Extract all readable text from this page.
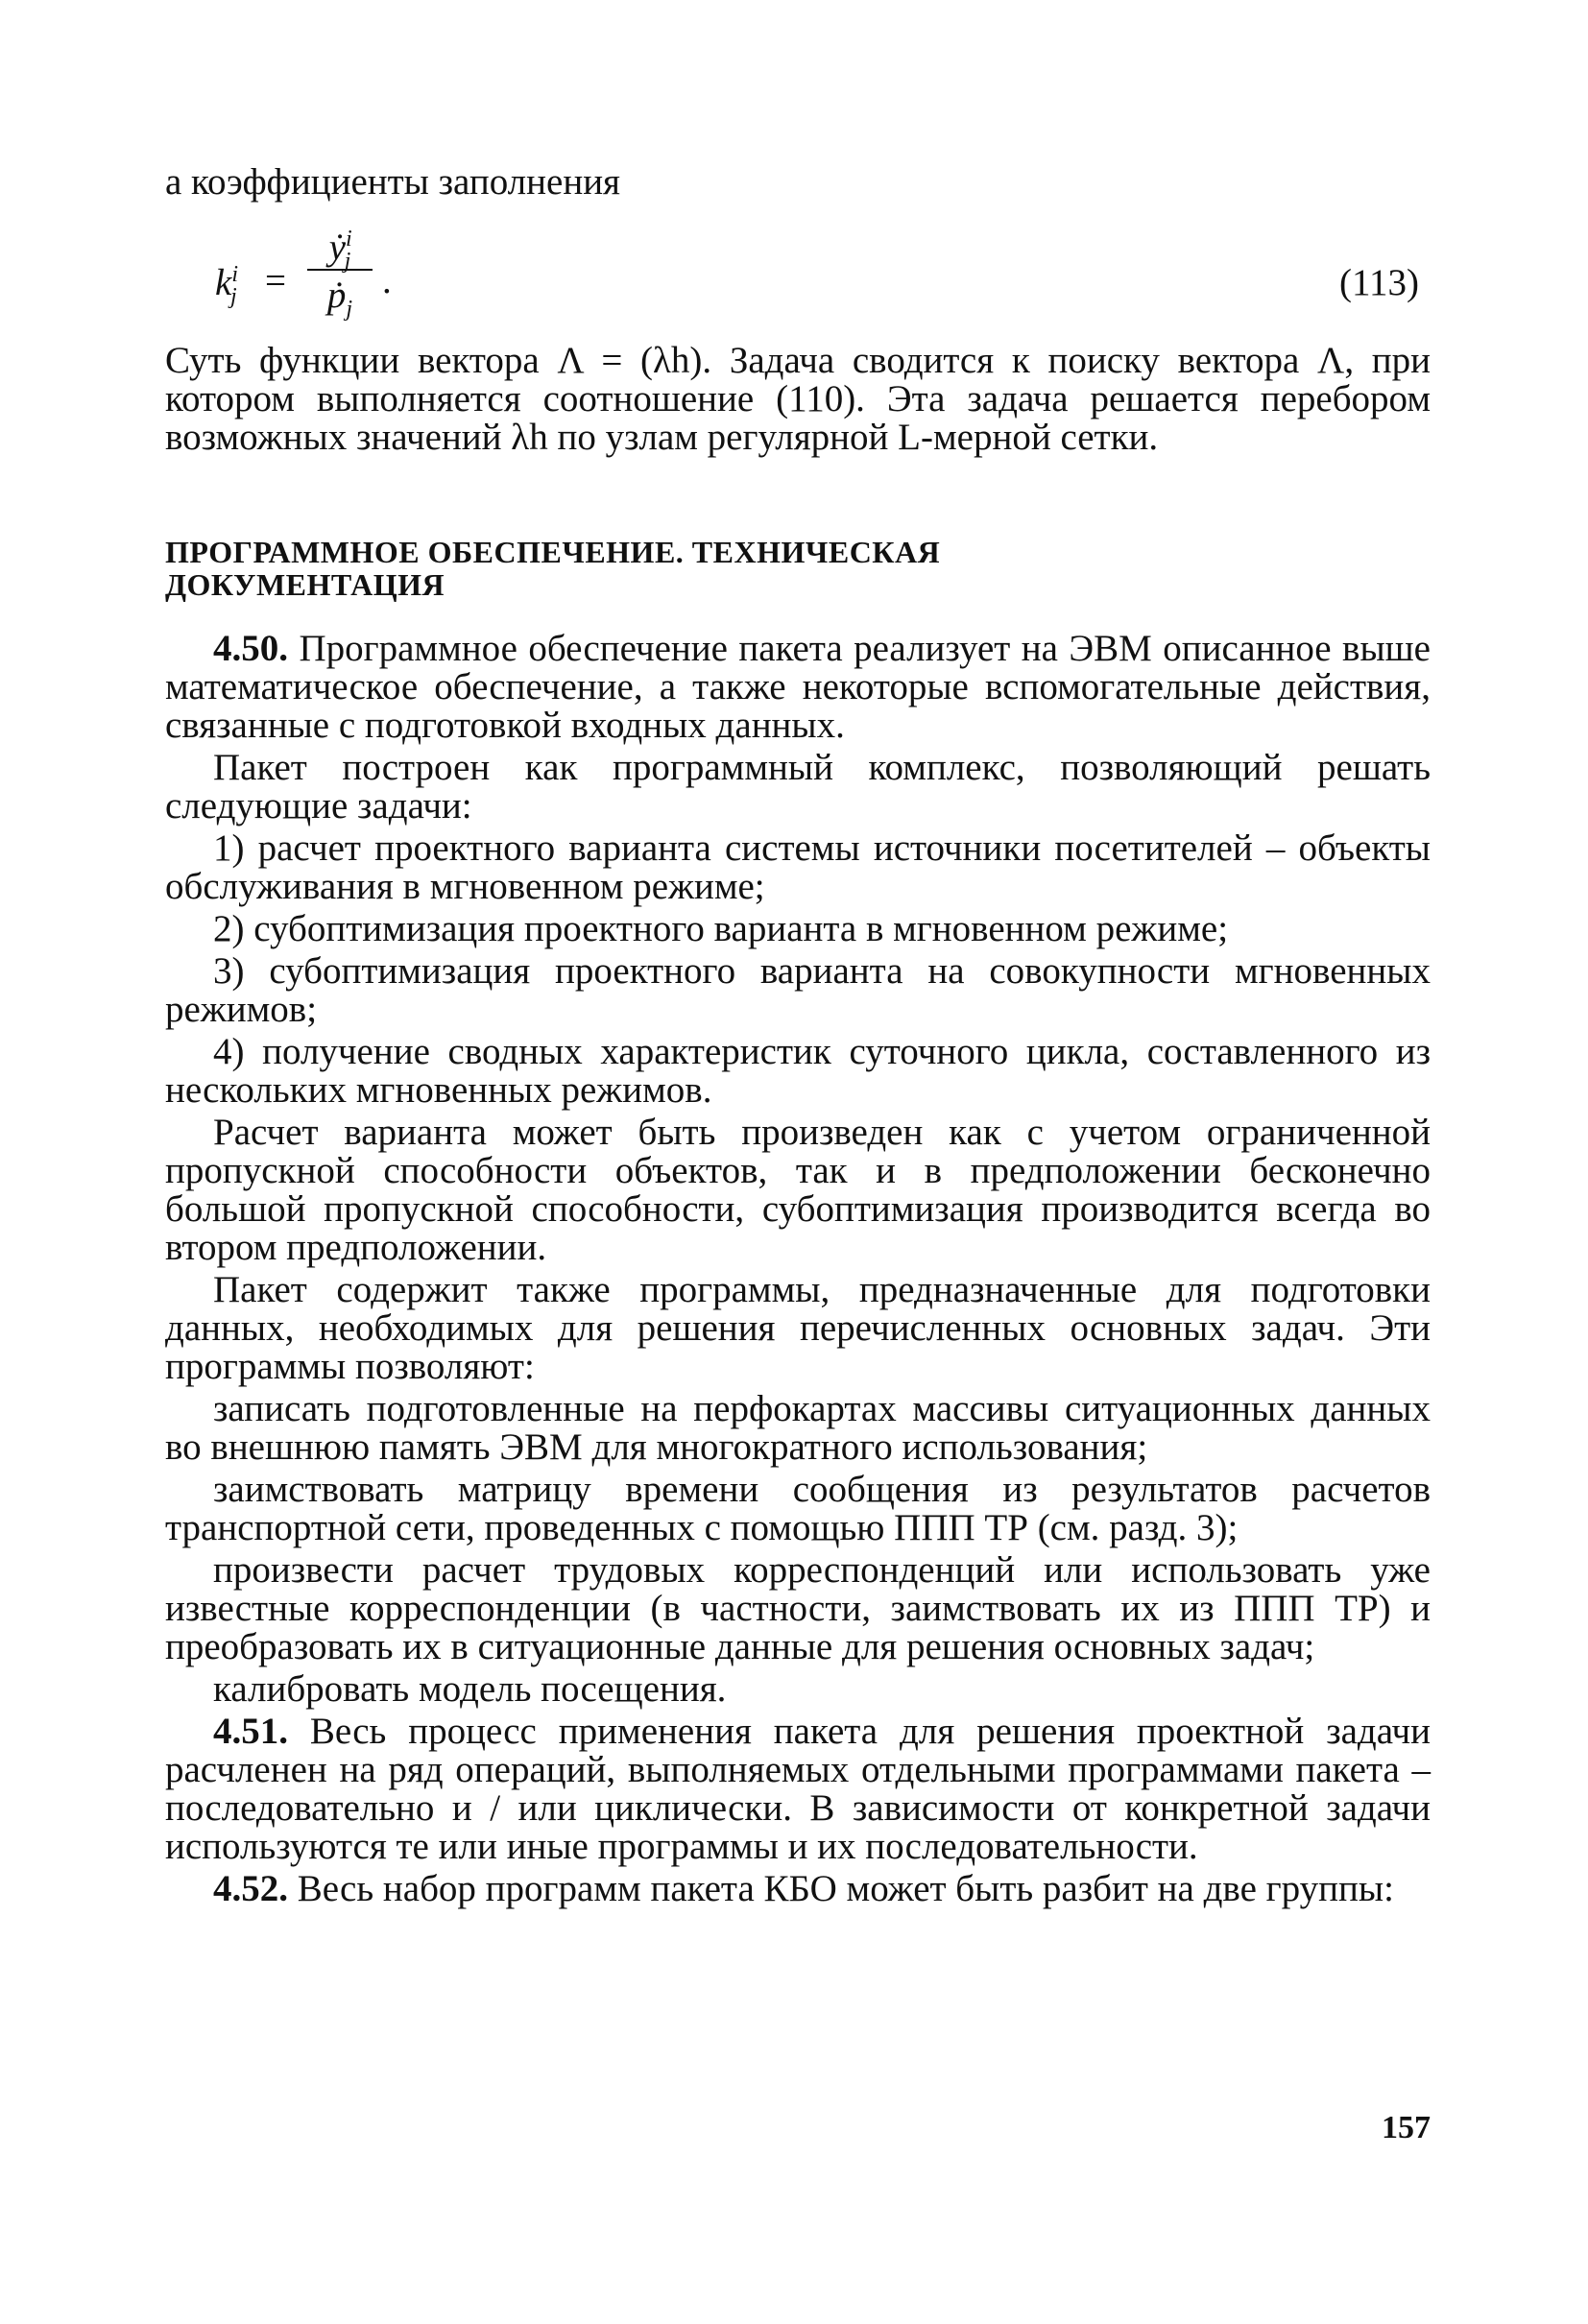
а коэффициенты заполнения

$k^i_j$ =
ẏ$^i_j$
ṗ$_j$
.	(113)

Суть функции вектора Λ = (λh). Задача сводится к поиску вектора Λ, при котором выполняется соотношение (110). Эта задача решается перебором возможных значений λh по узлам регулярной L-мерной сетки.

ПРОГРАММНОЕ ОБЕСПЕЧЕНИЕ. ТЕХНИЧЕСКАЯ
ДОКУМЕНТАЦИЯ

4.50. Программное обеспечение пакета реализует на ЭВМ описанное выше математическое обеспечение, а также некоторые вспомогательные действия, связанные с подготовкой входных данных.

Пакет построен как программный комплекс, позволяющий решать следующие задачи:

1) расчет проектного варианта системы источники посетителей – объекты обслуживания в мгновенном режиме;

2) субоптимизация проектного варианта в мгновенном режиме;

3) субоптимизация проектного варианта на совокупности мгновенных режимов;

4) получение сводных характеристик суточного цикла, составленного из нескольких мгновенных режимов.

Расчет варианта может быть произведен как с учетом ограниченной пропускной способности объектов, так и в предположении бесконечно большой пропускной способности, субоптимизация производится всегда во втором предположении.

Пакет содержит также программы, предназначенные для подготовки данных, необходимых для решения перечисленных основных задач. Эти программы позволяют:

записать подготовленные на перфокартах массивы ситуационных данных во внешнюю память ЭВМ для многократного использования;

заимствовать матрицу времени сообщения из результатов расчетов транспортной сети, проведенных с помощью ППП ТР (см. разд. 3);

произвести расчет трудовых корреспонденций или использовать уже известные корреспонденции (в частности, заимствовать их из ППП ТР) и преобразовать их в ситуационные данные для решения основных задач;

калибровать модель посещения.

4.51. Весь процесс применения пакета для решения проектной задачи расчленен на ряд операций, выполняемых отдельными программами пакета – последовательно и / или циклически. В зависимости от конкретной задачи используются те или иные программы и их последовательности.

4.52. Весь набор программ пакета КБО может быть разбит на две группы:

157
